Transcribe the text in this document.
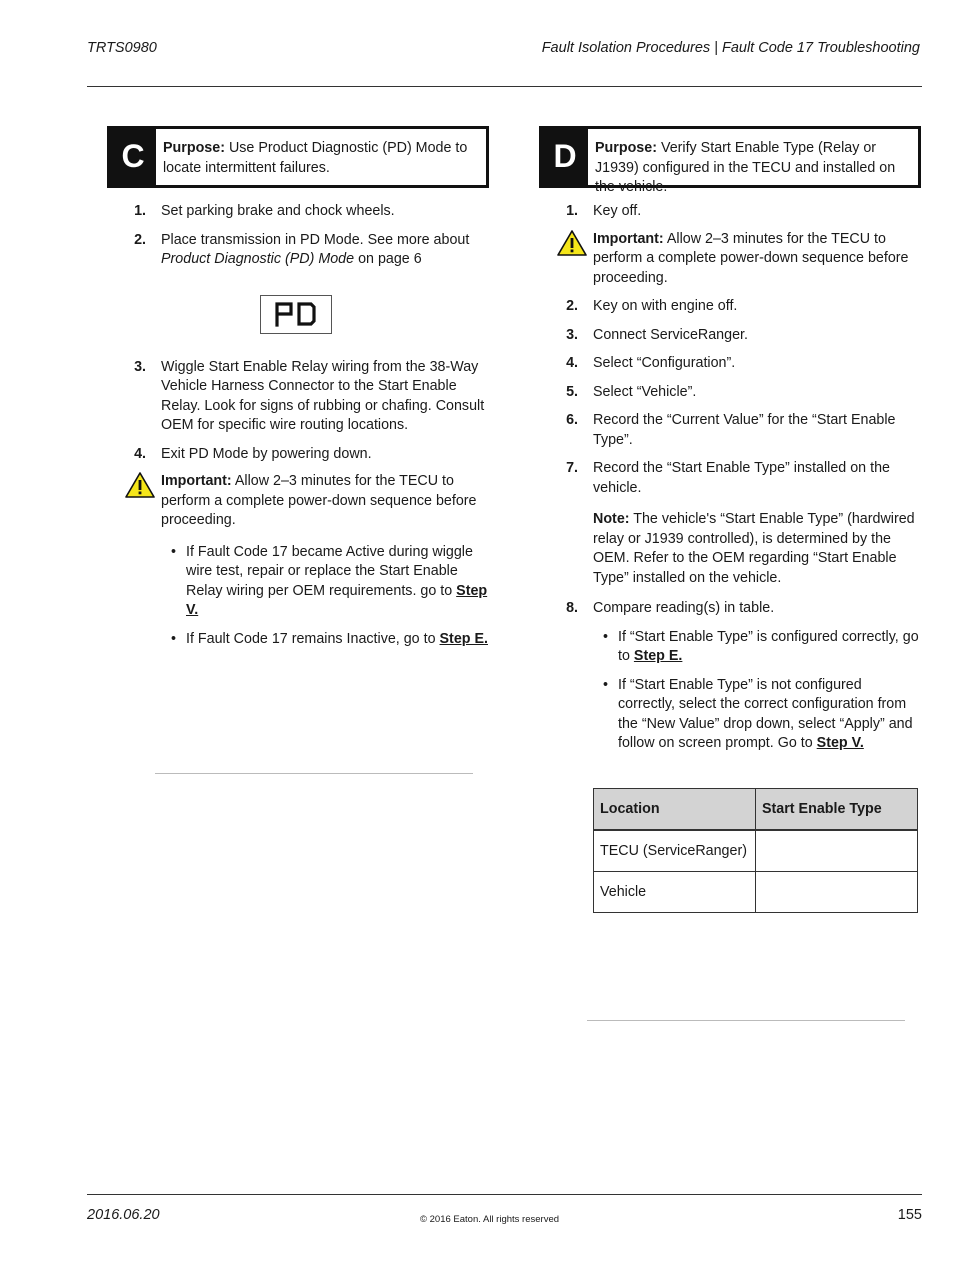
TRTS0980	Fault Isolation Procedures | Fault Code 17 Troubleshooting
C	Purpose: Use Product Diagnostic (PD) Mode to locate intermittent failures.
1.	Set parking brake and chock wheels.
2.	Place transmission in PD Mode. See more about
Product Diagnostic (PD) Mode on page 6
3.	Wiggle Start Enable Relay wiring from the 38-Way Vehicle Harness Connector to the Start Enable Relay. Look for signs of rubbing or chafing. Consult OEM for specific wire routing locations.
4.	Exit PD Mode by powering down.
Important: Allow 2–3 minutes for the TECU to perform a complete power-down sequence before proceeding.
• If Fault Code 17 became Active during wiggle wire test, repair or replace the Start Enable Relay wiring per OEM requirements. go to Step V.
• If Fault Code 17 remains Inactive, go to Step E.
D	Purpose: Verify Start Enable Type (Relay or J1939) configured in the TECU and installed on the vehicle.
1.	Key off.
Important: Allow 2–3 minutes for the TECU to perform a complete power-down sequence before proceeding.
2.	Key on with engine off.
3.	Connect ServiceRanger.
4.	Select “Configuration”.
5.	Select “Vehicle”.
6.	Record the “Current Value” for the “Start Enable Type”.
7.	Record the “Start Enable Type” installed on the vehicle.
Note: The vehicle's “Start Enable Type” (hardwired relay or J1939 controlled), is determined by the OEM. Refer to the OEM regarding “Start Enable Type” installed on the vehicle.
8.	Compare reading(s) in table.
• If “Start Enable Type” is configured correctly, go to Step E.
• If “Start Enable Type” is not configured correctly, select the correct configuration from the “New Value” drop down, select “Apply” and follow on screen prompt. Go to Step V.
Location	Start Enable Type
TECU (ServiceRanger)	
Vehicle	
2016.06.20	© 2016 Eaton. All rights reserved	155
